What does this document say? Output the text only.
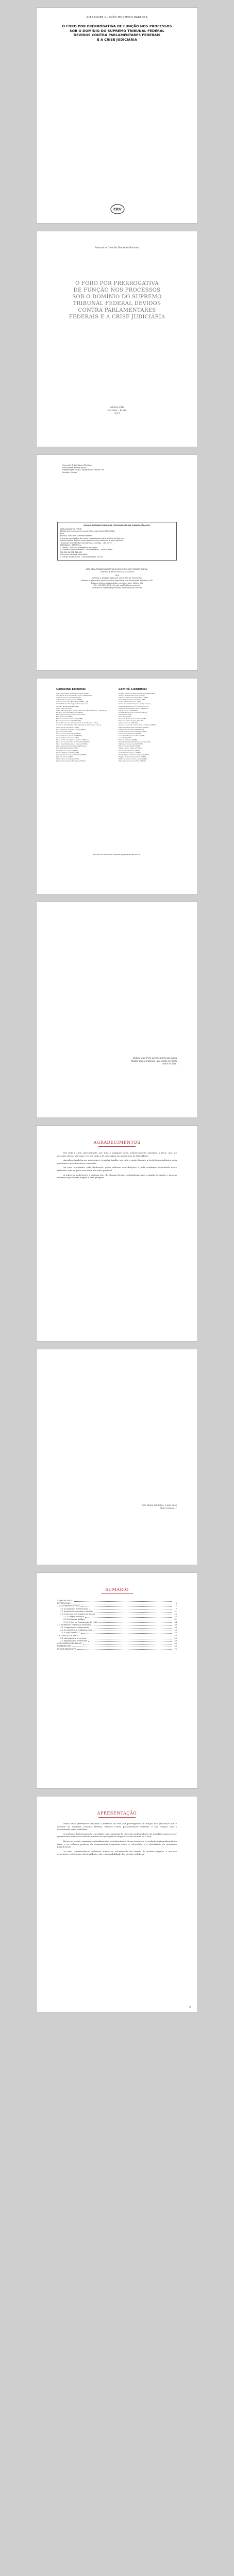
ALEXANDRE GUSMÃO MONTEIRO BARBOSA
O FORO POR PRERROGATIVA DE FUNÇÃO NOS PROCESSOS
SOB O DOMÍNIO DO SUPREMO TRIBUNAL FEDERAL
DEVIDOS CONTRA PARLAMENTARES FEDERAIS
E A CRISE JUDICIÁRIA
CRV
Alexandre Gusmão Monteiro Barbosa
O FORO POR PRERROGATIVA
DE FUNÇÃO NOS PROCESSOS
SOB O DOMÍNIO DO SUPREMO
TRIBUNAL FEDERAL DEVIDOS
CONTRA PARLAMENTARES
FEDERAIS E A CRISE JUDICIÁRIA
Editora CRV
Curitiba – Brasil
2019
Copyright © da Editora CRV Ltda.
Editor-chefe: Railson Moura
Diagramação e Capa: Designers da Editora CRV
Revisão: O Autor
DADOS INTERNACIONAIS DE CATALOGAÇÃO NA PUBLICAÇÃO (CIP)
CATALOGAÇÃO NA FONTE
Bibliotecária responsável: Luzenira Alves dos Santos CRB9/1506
B238
Barbosa, Alexandre Gusmão Monteiro.
O foro por prerrogativa de função nos processos sob o domínio do Supremo
Tribunal Federal devidos contra parlamentares federais e a crise judiciária
/ Alexandre Gusmão Monteiro Barbosa – Curitiba : CRV, 2019.
ISBN Digital / ISBN Físico
1. Direito 2. Foro por prerrogativa de função
3. Supremo Tribunal Federal 4. Parlamentares I. Título II. Série
CDU 342.56 CDD 347.035
Índice para catálogo sistemático
1. Direito constitucional – Foro privilegiado 342.56
ESTA OBRA TAMBÉM ENCONTRA-SE DISPONÍVEL EM FORMATO DIGITAL.
CONHEÇA E BAIXE NOSSO APLICATIVO!
2019
Foi feito o depósito legal conf. Lei 10.994 de 14/12/2004
Proibida a reprodução parcial ou total desta obra sem autorização da Editora CRV
Todos os direitos desta edição reservados pela: Editora CRV
Tel.: (41) 3039-6418 – E-mail: sac@editoracrv.com.br
Conheça os nossos lançamentos: www.editoracrv.com.br
Conselho Editorial:
Aldira Guimarães Duarte Domínguez (UNB)
Andréia da Silva Quintanilha Sousa (UNIR/UFRN)
Anselmo Alencar Colares (UFOPA)
Antônio Pereira Gaio Júnior (UFRRJ)
Carlos Alberto Vilar Estêvão (UMINHO – PT)
Carlos Federico Dominguez Avila (Unieuro)
Carmen Tereza Velanga (UNIR)
Celso Conti (UFSCar)
Cesar Gerónimo Tello (Univer. Nacional Três de Febrero – Argentina)
Eduardo Fernandes Barbosa (UFMG)
Elione Maria Nogueira Diogenes (UFAL)
Élsio José Corá (UFFS)
Elizeu Clementino de Souza (UNEB)
Francisco Carlos Duarte (PUC-PR)
Gloria Fariñas León (Universidade de La Havana – Cuba)
Guillermo Arias Beatón (Universidade de La Havana – Cuba)
Jailson Alves dos Santos (UFRJ)
João Adalberto Campato Junior (UNESP)
Josania Portela (UFPI)
Leonel Severo Rocha (UNISINOS)
Lídia de Oliveira Xavier (UNIEURO)
Lourdes Helena da Silva (UFV)
Maria Cristina dos Santos Bezerra (UFSCar)
Maria de Lourdes Pinto de Almeida (UNOESC)
Maria Lília Imbiriba Sousa Colares (UFOPA)
Paulo Romualdo Hernandes (UNIFAL-MG)
Rodrigo Pratte-Santos (UFES)
Sérgio Nunes de Jesus (IFRO)
Simone Rodrigues Pinto (UNB)
Solange Helena Ximenes-Rocha (UFOPA)
Sydione Santos (UEPG)
Tadeu Oliver Gonçalves (UFPA)
Tania Suely Azevedo Brasileiro (UFOPA)
Comitê Científico:
Andréia da Silva Quintanilha Sousa (UNIR/UFRN)
Antônio Pereira Gaio Júnior (UFRRJ)
Alessandro Severino Valler Zenni (UEM)
Célia Barbosa Abreu Slawinski (UFF)
Carlos Alberto Menezes (UFS)
Carlos Federico Dominguez Avila (Unieuro)
Celso Ferreira da Cruz Victoriano (TJ-PR)
Claudine Rodembusch Rocha (FEEVALE)
Daniel Ferreira (UNINTER)
Douglas Ferreira de Andrade (UNICAP)
Eduardo Val (UFF)
Fabio Tosi (UEPG)
Fernando Rister de Sousa Lima (FMU)
Francisco Carlos Duarte (PUC-PR)
Gilson Jacobsen (UNIVALI)
Gláucia Aparecida da Silva Faria Lamblém (UEMS)
Isabel Christine Silva De Gregori (UFSM)
João Alberto Pimentel (UNIOESTE)
José Nunes de Cerqueira Neto (UEPB)
Juliana Lacerda Pereira (UFMS)
Leda Maria Messias da Silva (UEM)
Lucas Leite (UFT)
Marcelo Santiago (UNEB)
Maria Cristina Vidotte Blanco Tárrega (UFG)
Mário Luís Ferreira Sá (UNIVASF)
Patrícia Pereira Hertz (UFPEL)
Rafael Lamera Cabral (UFERSA)
Rosane Leal da Silva (UFSM)
Saulo Tarso Rodrigues (UFMT)
Thiago Allisson Cardoso de Jesus (UEMA)
Wagner de Almeida Caminha (UFPR)
Walter Gustavo da Silva Lemos (UNIR)
Willis Santiago Guerra Filho (UNIRIO)
Este livro foi avaliado e aprovado por pareceristas ad hoc.
Dedico este livro aos membros da Santa
Madre Igreja Católica, que oram por mim
todos os dias.
AGRADECIMENTOS

Em toda e cada oportunidade, por toda e qualquer coisa, primeiramente agradeço a Deus, que me permitiu chegar até aqui e ter me dado a fé necessária nos momentos de dificuldade.

Agradeço também aos meus pais e à minha família, por todo o apoio durante a trajetória acadêmica, pela paciência e pelo incentivo constante.

Ao meu orientador, pela dedicação, pelas valiosas contribuições e pela confiança depositada neste trabalho, sem as quais esta obra não seria possível.

A todos os professores e colegas que, de alguma forma, contribuíram para a minha formação e para as reflexões que deram origem a esta pesquisa.

“Eis, meus senhores, o que ouso
falar a todos...”
SUMÁRIO
APRESENTAÇÃO	11
INTRODUÇÃO	13
1 DAS PRERROGATIVAS	17
1.1 As garantias institucionais	17
1.2 Imunidades materiais e formais	21
1.3 O foro por prerrogativa de função	25
1.3.1 Origem histórica	27
1.3.2 Natureza jurídica	31
1.3.3 O foro na Constituição de 1988	34
2 O SUPREMO TRIBUNAL FEDERAL	39
2.1 Composição e competência	39
2.2 A competência originária penal	43
2.3 A Ação Penal 937	47
3 A CRISE JUDICIÁRIA	53
3.1 Morosidade e prescrição	55
3.2 Impunidade e efetividade	59
CONSIDERAÇÕES FINAIS	65
REFERÊNCIAS	69
ÍNDICE REMISSIVO	75
APRESENTAÇÃO

Nesta obra pretende-se analisar o instituto do foro por prerrogativa de função nos processos sob o domínio do Supremo Tribunal Federal, devidos contra parlamentares federais, e sua relação com a denominada crise judiciária.

O instituto, historicamente concebido como garantia do exercício independente do mandato, passou a ser questionado diante do elevado número de ações penais originárias em trâmite na Corte.

Busca-se, assim, examinar os fundamentos constitucionais da prerrogativa, a evolução jurisprudencial do tema e os reflexos práticos da competência originária sobre a celeridade e a efetividade da prestação jurisdicional.

Ao final, apresentam-se reflexões acerca da necessidade de revisão do modelo vigente, à luz dos princípios republicanos da igualdade e da responsabilidade dos agentes públicos.

11
